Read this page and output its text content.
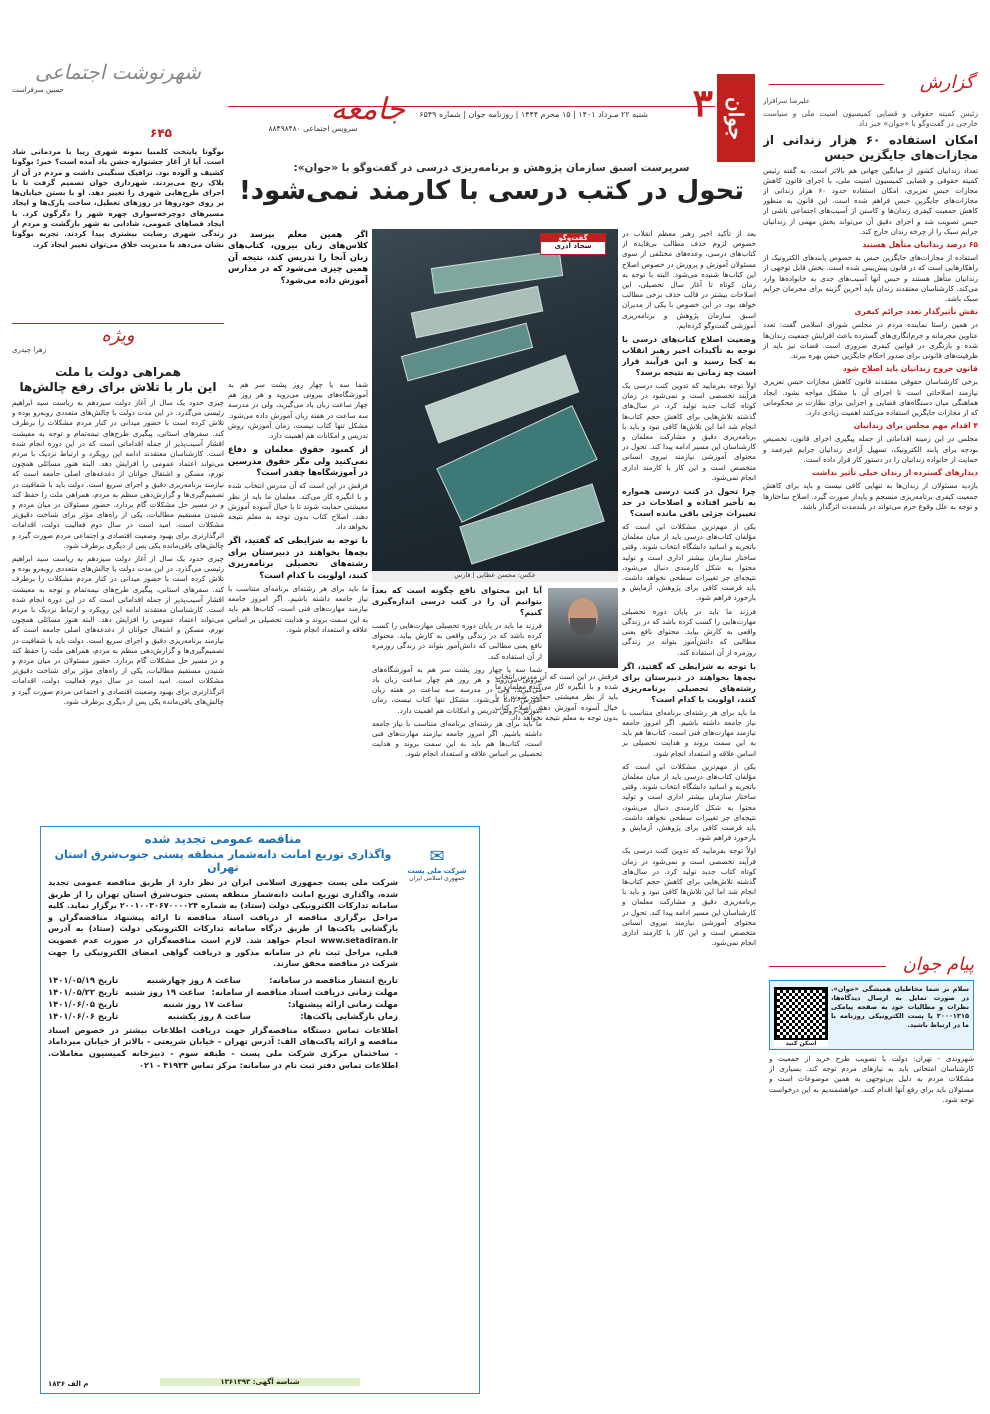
جوان
۳
جامعه	شنبه ۲۲ مـرداد ۱۴۰۱ | ۱۵ محرم ۱۴۴۴ | روزنامه جوان | شماره ۶۵۴۹
سرویس اجتماعی ۸۸۴۹۸۴۸۰
سرپرست اسبق سازمان پژوهش و برنامه‌ریزی درسی در گفت‌وگو با «جوان»:
تحول در کتب درسی با کارمند نمی‌شود!
عکس: محسن عطایی | فارس
گفت‌وگو
سجاد آذری

بعد از تأکید اخیر رهبر معظم انقلاب در خصوص لزوم حذف مطالب بی‌فایده از کتاب‌های درسی، وعده‌های مختلفی از سوی مسئولان آموزش و پرورش در خصوص اصلاح این کتاب‌ها شنیده می‌شود. البته با توجه به زمان کوتاه تا آغاز سال تحصیلی، این اصلاحات بیشتر در قالب حذف برخی مطالب خواهد بود. در این خصوص با یکی از مدیران اسبق سازمان پژوهش و برنامه‌ریزی آموزشی گفت‌وگو کرده‌ایم.

وضعیت اصلاح کتاب‌های درسی با توجه به تأکیدات اخیر رهبر انقلاب به کجا رسید و این فرآیند قرار است چه زمانی به نتیجه برسد؟

اولاً توجه بفرمایید که تدوین کتب درسی یک فرآیند تخصصی است و نمی‌شود در زمان کوتاه کتاب جدید تولید کرد. در سال‌های گذشته تلاش‌هایی برای کاهش حجم کتاب‌ها انجام شد اما این تلاش‌ها کافی نبود و باید با برنامه‌ریزی دقیق و مشارکت معلمان و کارشناسان این مسیر ادامه پیدا کند. تحول در محتوای آموزشی نیازمند نیروی انسانی متخصص است و این کار با کارمند اداری انجام نمی‌شود.

چرا تحول در کتب درسی همواره به تأخیر افتاده و اصلاحات در حد تغییرات جزئی باقی مانده است؟

یکی از مهم‌ترین مشکلات این است که مؤلفان کتاب‌های درسی باید از میان معلمان باتجربه و اساتید دانشگاه انتخاب شوند. وقتی ساختار سازمان بیشتر اداری است و تولید محتوا به شکل کارمندی دنبال می‌شود، نتیجه‌ای جز تغییرات سطحی نخواهد داشت. باید فرصت کافی برای پژوهش، آزمایش و بازخورد فراهم شود.

فرزند ما باید در پایان دوره تحصیلی مهارت‌هایی را کسب کرده باشد که در زندگی واقعی به کارش بیاید. محتوای نافع یعنی مطالبی که دانش‌آموز بتواند در زندگی روزمره از آن استفاده کند.

با توجه به شرایطی که گفتید، اگر بچه‌ها بخواهند در دبیرستان برای رشته‌های تحصیلی برنامه‌ریزی کنند، اولویت با کدام است؟

ما باید برای هر رشته‌ای برنامه‌ای متناسب با نیاز جامعه داشته باشیم. اگر امروز جامعه نیازمند مهارت‌های فنی است، کتاب‌ها هم باید به این سمت بروند و هدایت تحصیلی بر اساس علاقه و استعداد انجام شود.

یکی از مهم‌ترین مشکلات این است که مؤلفان کتاب‌های درسی باید از میان معلمان باتجربه و اساتید دانشگاه انتخاب شوند. وقتی ساختار سازمان بیشتر اداری است و تولید محتوا به شکل کارمندی دنبال می‌شود، نتیجه‌ای جز تغییرات سطحی نخواهد داشت. باید فرصت کافی برای پژوهش، آزمایش و بازخورد فراهم شود.

اولاً توجه بفرمایید که تدوین کتب درسی یک فرآیند تخصصی است و نمی‌شود در زمان کوتاه کتاب جدید تولید کرد. در سال‌های گذشته تلاش‌هایی برای کاهش حجم کتاب‌ها انجام شد اما این تلاش‌ها کافی نبود و باید با برنامه‌ریزی دقیق و مشارکت معلمان و کارشناسان این مسیر ادامه پیدا کند. تحول در محتوای آموزشی نیازمند نیروی انسانی متخصص است و این کار با کارمند اداری انجام نمی‌شود.

اگر همین معلم بپرسد در کلاس‌های زبان بیرون، کتاب‌های زبان آنجا را تدریس کند، نتیجه آن همین چیزی می‌شود که در مدارس آموزش داده می‌شود؟

شما سه یا چهار روز پشت سر هم به آموزشگاه‌های بیرونی می‌روید و هر روز هم چهار ساعت زبان یاد می‌گیرید، ولی در مدرسه سه ساعت در هفته زبان آموزش داده می‌شود. مشکل تنها کتاب نیست، زمان آموزش، روش تدریس و امکانات هم اهمیت دارد.

از کمبود حقوق معلمان و دفاع نمی‌کنید ولی مگر حقوق مدرسین در آموزشگاه‌ها چقدر است؟

فرقش در این است که آن مدرس انتخاب شده و با انگیزه کار می‌کند. معلمان ما باید از نظر معیشتی حمایت شوند تا با خیال آسوده آموزش دهند. اصلاح کتاب بدون توجه به معلم نتیجه نخواهد داد.

با توجه به شرایطی که گفتید، اگر بچه‌ها بخواهند در دبیرستان برای رشته‌های تحصیلی برنامه‌ریزی کنند، اولویت با کدام است؟

ما باید برای هر رشته‌ای برنامه‌ای متناسب با نیاز جامعه داشته باشیم. اگر امروز جامعه نیازمند مهارت‌های فنی است، کتاب‌ها هم باید به این سمت بروند و هدایت تحصیلی بر اساس علاقه و استعداد انجام شود.

فرقش در این است که آن مدرس انتخاب شده و با انگیزه کار می‌کند. معلمان ما باید از نظر معیشتی حمایت شوند تا با خیال آسوده آموزش دهند. اصلاح کتاب بدون توجه به معلم نتیجه نخواهد داد.

آیا این محتوای نافع چگونه است که بعداً بتوانیم آن را در کتب درسی اندازه‌گیری کنیم؟

فرزند ما باید در پایان دوره تحصیلی مهارت‌هایی را کسب کرده باشد که در زندگی واقعی به کارش بیاید. محتوای نافع یعنی مطالبی که دانش‌آموز بتواند در زندگی روزمره از آن استفاده کند.

شما سه یا چهار روز پشت سر هم به آموزشگاه‌های بیرونی می‌روید و هر روز هم چهار ساعت زبان یاد می‌گیرید، ولی در مدرسه سه ساعت در هفته زبان آموزش داده می‌شود. مشکل تنها کتاب نیست، زمان آموزش، روش تدریس و امکانات هم اهمیت دارد.

ما باید برای هر رشته‌ای برنامه‌ای متناسب با نیاز جامعه داشته باشیم. اگر امروز جامعه نیازمند مهارت‌های فنی است، کتاب‌ها هم باید به این سمت بروند و هدایت تحصیلی بر اساس علاقه و استعداد انجام شود.

گزارش

علیرضا سرافراز

رئیس کمیته حقوقی و قضایی کمیسیون امنیت ملی و سیاست خارجی در گفت‌وگو با «جوان» خبر داد

امکان استفاده ۶۰ هزار زندانی از مجازات‌های جایگزین حبس

تعداد زندانیان کشور از میانگین جهانی هم بالاتر است. به گفته رئیس کمیته حقوقی و قضایی کمیسیون امنیت ملی، با اجرای قانون کاهش مجازات حبس تعزیری، امکان استفاده حدود ۶۰ هزار زندانی از مجازات‌های جایگزین حبس فراهم شده است. این قانون به منظور کاهش جمعیت کیفری زندان‌ها و کاستن از آسیب‌های اجتماعی ناشی از حبس تصویب شد و اجرای دقیق آن می‌تواند بخش مهمی از زندانیان جرایم سبک را از چرخه زندان خارج کند.

۶۵ درصد زندانیان متأهل هستند

استفاده از مجازات‌های جایگزین حبس به خصوص پابندهای الکترونیک از راهکارهایی است که در قانون پیش‌بینی شده است. بخش قابل توجهی از زندانیان متأهل هستند و حبس آنها آسیب‌های جدی به خانواده‌ها وارد می‌کند. کارشناسان معتقدند زندان باید آخرین گزینه برای مجرمان جرایم سبک باشد.

نقش تأثیرگذار تعدد جرائم کیفری

در همین راستا نماینده مردم در مجلس شورای اسلامی گفت: تعدد عناوین مجرمانه و جرم‌انگاری‌های گسترده باعث افزایش جمعیت زندان‌ها شده و بازنگری در قوانین کیفری ضروری است. قضات نیز باید از ظرفیت‌های قانونی برای صدور احکام جایگزین حبس بهره ببرند.

قانون خروج زندانیان باید اصلاح شود

برخی کارشناسان حقوقی معتقدند قانون کاهش مجازات حبس تعزیری نیازمند اصلاحاتی است تا اجرای آن با مشکل مواجه نشود. ایجاد هماهنگی میان دستگاه‌های قضایی و اجرایی برای نظارت بر محکومانی که از مجازات جایگزین استفاده می‌کنند اهمیت زیادی دارد.

۴ اقدام مهم مجلس برای زندانیان

مجلس در این زمینه اقداماتی از جمله پیگیری اجرای قانون، تخصیص بودجه برای پابند الکترونیک، تسهیل آزادی زندانیان جرایم غیرعمد و حمایت از خانواده زندانیان را در دستور کار قرار داده است.

دیدارهای گسترده از زندان خیلی تأثیر نداشت

بازدید مسئولان از زندان‌ها به تنهایی کافی نیست و باید برای کاهش جمعیت کیفری برنامه‌ریزی منسجم و پایدار صورت گیرد. اصلاح ساختارها و توجه به علل وقوع جرم می‌تواند در بلندمدت اثرگذار باشد.

پیام جوان
سلام بر شما مخاطبان همیشگی «جوان». در صورت تمایل به ارسال دیدگاه‌ها، نظرات و مطالبات خود به صفحه پیامکی ۳۰۰۰۱۳۱۵ یا پست الکترونیکی روزنامه با ما در ارتباط باشید.
اسکن کنید

شهروندی - تهران: دولت با تصویب طرح خرید از جمعیت و کارشناسان امتحانی باید به نیازهای مردم توجه کند. بسیاری از مشکلات مردم به دلیل بی‌توجهی به همین موضوعات است و مسئولان باید برای رفع آنها اقدام کنند. خواهشمندیم به این درخواست توجه شود.

شهرنوشت اجتماعی
حسین سرفراست
۶۴۵

بوگوتا پایتخت کلمبیا نمونه شهری زیبا با مردمانی شاد است. آیا از آغاز جشنواره جشن یاد آمده است؟ خیر؛ بوگوتا کشیف و آلوده بود. ترافیک سنگینی داشت و مردم در آن از پلاک رنج می‌بردند. شهرداری جوان تصمیم گرفت تا با اجرای طرح‌هایی شهری را تغییر دهد. او با بستن خیابان‌ها بر روی خودروها در روزهای تعطیل، ساخت پارک‌ها و ایجاد مسیرهای دوچرخه‌سواری چهره شهر را دگرگون کرد. با ایجاد فضاهای عمومی، شادابی به شهر بازگشت و مردم از زندگی شهری رضایت بیشتری پیدا کردند. تجربه بوگوتا نشان می‌دهد با مدیریت خلاق می‌توان تغییر ایجاد کرد.

ویژه
زهرا چیذری
همراهی دولت با ملت
این بار با تلاش برای رفع چالش‌ها

چیزی حدود یک سال از آغاز دولت سیزدهم به ریاست سید ابراهیم رئیسی می‌گذرد. در این مدت دولت با چالش‌های متعددی روبه‌رو بوده و تلاش کرده است با حضور میدانی در کنار مردم مشکلات را برطرف کند. سفرهای استانی، پیگیری طرح‌های نیمه‌تمام و توجه به معیشت اقشار آسیب‌پذیر از جمله اقداماتی است که در این دوره انجام شده است. کارشناسان معتقدند ادامه این رویکرد و ارتباط نزدیک با مردم می‌تواند اعتماد عمومی را افزایش دهد. البته هنوز مسائلی همچون تورم، مسکن و اشتغال جوانان از دغدغه‌های اصلی جامعه است که نیازمند برنامه‌ریزی دقیق و اجرای سریع است. دولت باید با شفافیت در تصمیم‌گیری‌ها و گزارش‌دهی منظم به مردم، همراهی ملت را حفظ کند و در مسیر حل مشکلات گام بردارد. حضور مسئولان در میان مردم و شنیدن مستقیم مطالبات، یکی از راه‌های مؤثر برای شناخت دقیق‌تر مشکلات است. امید است در سال دوم فعالیت دولت، اقدامات اثرگذارتری برای بهبود وضعیت اقتصادی و اجتماعی مردم صورت گیرد و چالش‌های باقی‌مانده یکی پس از دیگری برطرف شود.

چیزی حدود یک سال از آغاز دولت سیزدهم به ریاست سید ابراهیم رئیسی می‌گذرد. در این مدت دولت با چالش‌های متعددی روبه‌رو بوده و تلاش کرده است با حضور میدانی در کنار مردم مشکلات را برطرف کند. سفرهای استانی، پیگیری طرح‌های نیمه‌تمام و توجه به معیشت اقشار آسیب‌پذیر از جمله اقداماتی است که در این دوره انجام شده است. کارشناسان معتقدند ادامه این رویکرد و ارتباط نزدیک با مردم می‌تواند اعتماد عمومی را افزایش دهد. البته هنوز مسائلی همچون تورم، مسکن و اشتغال جوانان از دغدغه‌های اصلی جامعه است که نیازمند برنامه‌ریزی دقیق و اجرای سریع است. دولت باید با شفافیت در تصمیم‌گیری‌ها و گزارش‌دهی منظم به مردم، همراهی ملت را حفظ کند و در مسیر حل مشکلات گام بردارد. حضور مسئولان در میان مردم و شنیدن مستقیم مطالبات، یکی از راه‌های مؤثر برای شناخت دقیق‌تر مشکلات است. امید است در سال دوم فعالیت دولت، اقدامات اثرگذارتری برای بهبود وضعیت اقتصادی و اجتماعی مردم صورت گیرد و چالش‌های باقی‌مانده یکی پس از دیگری برطرف شود.

✉
شرکت ملی پست
جمهوری اسلامی ایران
مناقصه عمومی تجدید شده
واگذاری توزیع امانت دانه‌شمار منطقه پستی جنوب‌شرق استان تهران
شرکت ملی پست جمهوری اسلامی ایران در نظر دارد از طریق مناقصه عمومی تجدید شده، واگذاری توزیع امانت دانه‌شمار منطقه پستی جنوب‌شرق استان تهران را از طریق سامانه تدارکات الکترونیکی دولت (ستاد) به شماره ۲۰۰۱۰۰۳۰۶۷۰۰۰۰۲۴ برگزار نماید. کلیه مراحل برگزاری مناقصه از دریافت اسناد مناقصه تا ارائه پیشنهاد مناقصه‌گران و بازگشایی پاکت‌ها از طریق درگاه سامانه تدارکات الکترونیکی دولت (ستاد) به آدرس www.setadiran.ir انجام خواهد شد. لازم است مناقصه‌گران در صورت عدم عضویت قبلی، مراحل ثبت نام در سامانه مذکور و دریافت گواهی امضای الکترونیکی را جهت شرکت در مناقصه محقق سازند.
تاریخ انتشار مناقصه در سامانه:
ساعت ۸ روز چهارشنبه
تاریخ ۱۴۰۱/۰۵/۱۹
مهلت زمانی دریافت اسناد مناقصه از سامانه:
ساعت ۱۹ روز شنبه
تاریخ ۱۴۰۱/۰۵/۲۲
مهلت زمانی ارائه پیشنهاد:
ساعت ۱۷ روز شنبه
تاریخ ۱۴۰۱/۰۶/۰۵
زمان بازگشایی پاکت‌ها:
ساعت ۸ روز یکشنبه
تاریخ ۱۴۰۱/۰۶/۰۶
اطلاعات تماس دستگاه مناقصه‌گزار جهت دریافت اطلاعات بیشتر در خصوص اسناد مناقصه و ارائه پاکت‌های الف: آدرس تهران - خیابان شریعتی - بالاتر از خیابان میرداماد - ساختمان مرکزی شرکت ملی پست - طبقه سوم - دبیرخانه کمیسیون معاملات. اطلاعات تماس دفتر ثبت نام در سامانه: مرکز تماس ۴۱۹۳۴ - ۰۲۱
شناسه آگهی: ۱۳۶۱۳۹۳
م الف ۱۸۳۶
